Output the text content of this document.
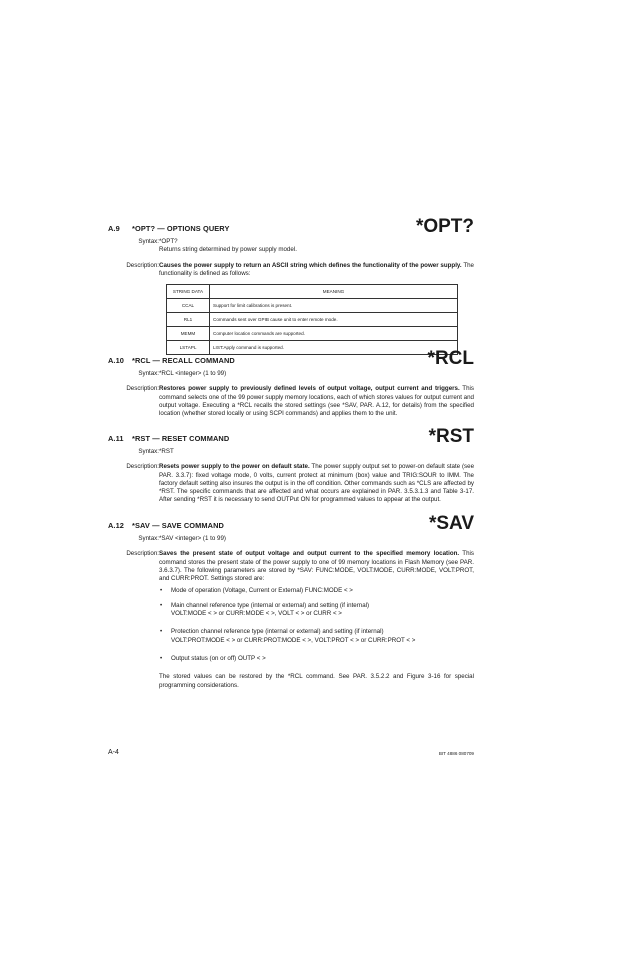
A.9 *OPT? — OPTIONS QUERY	*OPT?
Syntax: *OPT?

Returns string determined by power supply model.

Description: Causes the power supply to return an ASCII string which defines the functionality of the power supply. The functionality is defined as follows:

STRING DATA	MEANING
CCAL	Support for limit calibrations is present.
RL1	Commands sent over GPIB cause unit to enter remote mode.
MEMM	Computer location commands are supported.
LSTAPL	LIST:Apply command is supported.
A.10 *RCL — RECALL COMMAND	*RCL
Syntax: *RCL <integer> (1 to 99)

Description: Restores power supply to previously defined levels of output voltage, output current and triggers. This command selects one of the 99 power supply memory locations, each of which stores values for output current and output voltage. Executing a *RCL recalls the stored settings (see *SAV, PAR. A.12, for details) from the specified location (whether stored locally or using SCPI commands) and applies them to the unit.

A.11 *RST — RESET COMMAND	*RST
Syntax: *RST

Description: Resets power supply to the power on default state. The power supply output set to power-on default state (see PAR. 3.3.7): fixed voltage mode, 0 volts, current protect at minimum (box) value and TRIG:SOUR to IMM. The factory default setting also insures the output is in the off condition. Other commands such as *CLS are affected by *RST. The specific commands that are affected and what occurs are explained in PAR. 3.5.3.1.3 and Table 3-17. After sending *RST it is necessary to send OUTPut ON for programmed values to appear at the output.

A.12 *SAV — SAVE COMMAND	*SAV
Syntax: *SAV <integer> (1 to 99)

Description: Saves the present state of output voltage and output current to the specified memory location. This command stores the present state of the power supply to one of 99 memory locations in Flash Memory (see PAR. 3.6.3.7). The following parameters are stored by *SAV: FUNC:MODE, VOLT:MODE, CURR:MODE, VOLT:PROT, and CURR:PROT. Settings stored are:

• Mode of operation (Voltage, Current or External) FUNC:MODE < >
• Main channel reference type (internal or external) and setting (if internal)
VOLT:MODE < > or CURR:MODE < >, VOLT < > or CURR < >
• Protection channel reference type (internal or external) and setting (if internal)
VOLT:PROT:MODE < > or CURR:PROT:MODE < >, VOLT:PROT < > or CURR:PROT < >
• Output status (on or off) OUTP < >

The stored values can be restored by the *RCL command. See PAR. 3.5.2.2 and Figure 3-16 for special programming considerations.

A-4	BIT 4886 080709
